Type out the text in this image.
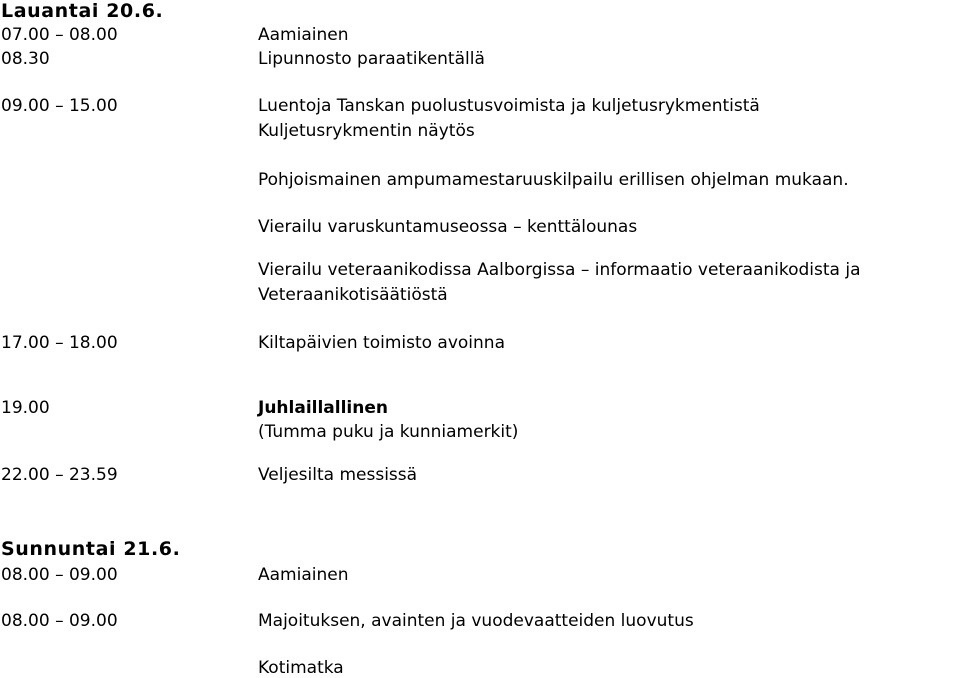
Lauantai 20.6.
07.00 – 08.00	Aamiainen
08.30	Lipunnosto paraatikentällä
09.00 – 15.00	Luentoja Tanskan puolustusvoimista ja kuljetusrykmentistä
Kuljetusrykmentin näytös
Pohjoismainen ampumamestaruuskilpailu erillisen ohjelman mukaan.
Vierailu varuskuntamuseossa – kenttälounas
Vierailu veteraanikodissa Aalborgissa – informaatio veteraanikodista ja
Veteraanikotisäätiöstä
17.00 – 18.00	Kiltapäivien toimisto avoinna
19.00	Juhlaillallinen
(Tumma puku ja kunniamerkit)
22.00 – 23.59	Veljesilta messissä
Sunnuntai 21.6.
08.00 – 09.00	Aamiainen
08.00 – 09.00	Majoituksen, avainten ja vuodevaatteiden luovutus
Kotimatka
